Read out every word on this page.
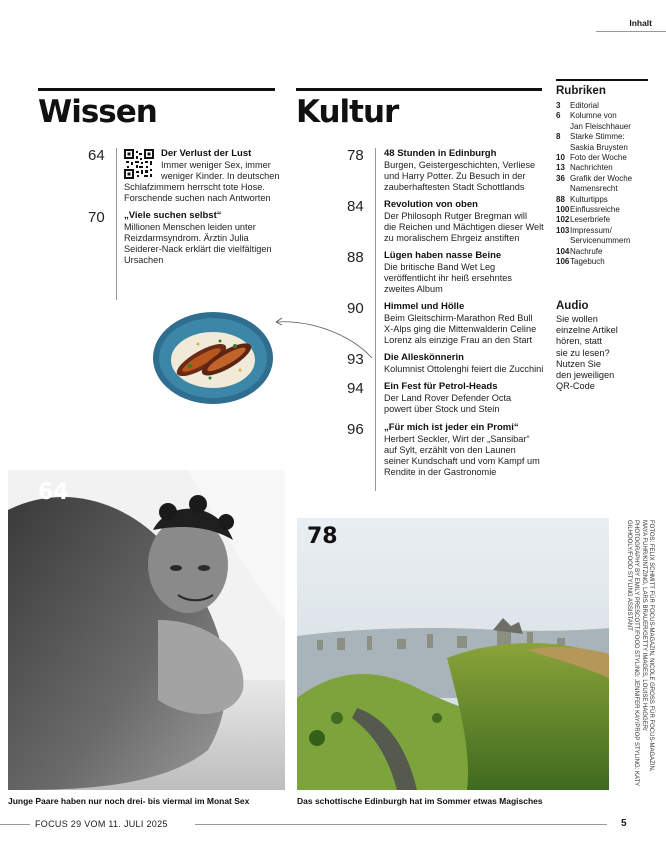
Inhalt
Wissen	Kultur
64	Der Verlust der Lust
Immer weniger Sex, immer
weniger Kinder. In deutschen
Schlafzimmern herrscht tote Hose.
Forschende suchen nach Antworten
70 „Viele suchen selbst“
Millionen Menschen leiden unter
Reizdarmsyndrom. Ärztin Julia
Seiderer-Nack erklärt die vielfältigen
Ursachen
78 48 Stunden in Edinburgh
Burgen, Geistergeschichten, Verliese
und Harry Potter. Zu Besuch in der
zauberhaftesten Stadt Schottlands
84 Revolution von oben
Der Philosoph Rutger Bregman will
die Reichen und Mächtigen dieser Welt
zu moralischem Ehrgeiz anstiften
88 Lügen haben nasse Beine
Die britische Band Wet Leg
veröffentlicht ihr heiß ersehntes
zweites Album
90 Himmel und Hölle
Beim Gleitschirm-Marathon Red Bull
X-Alps ging die Mittenwalderin Celine
Lorenz als einzige Frau an den Start
93 Die Alleskönnerin
Kolumnist Ottolenghi feiert die Zucchini
94 Ein Fest für Petrol-Heads
Der Land Rover Defender Octa
powert über Stock und Stein
96 „Für mich ist jeder ein Promi“
Herbert Seckler, Wirt der „Sansibar“
auf Sylt, erzählt von den Launen
seiner Kundschaft und vom Kampf um
Rendite in der Gastronomie
Rubriken
3 Editorial
6 Kolumne von
Jan Fleischhauer
8 Starke Stimme:
Saskia Bruysten
10 Foto der Woche
13 Nachrichten
36 Grafik der Woche
Namensrecht
88 Kulturtipps
100Einflussreiche
102Leserbriefe
103Impressum/
Servicenummern
104Nachrufe
106Tagebuch
Audio
Sie wollen
einzelne Artikel
hören, statt
sie zu lesen?
Nutzen Sie
den jeweiligen
QR-Code
64
Junge Paare haben nur noch drei- bis viermal im Monat Sex
78
Das schottische Edinburgh hat im Sommer etwas Magisches
FOTOS: FELIX SCHMITT FÜR FOCUS-MAGAZIN, NICOLE GROSS FÜR FOCUS-MAGAZIN,
MAYA FUHR/KINTZING, LARS BRAUER/GETTY IMAGES, LOUISE HAGGER/
PHOTOGRAPHY BY EMILY PRESCOTT/FOOD STYLING: JENNIFER KAY/PROP STYLING: KATY
GILHOOLY/FOOD STYLING ASSISTANT
FOCUS 29 VOM 11. JULI 2025	5
